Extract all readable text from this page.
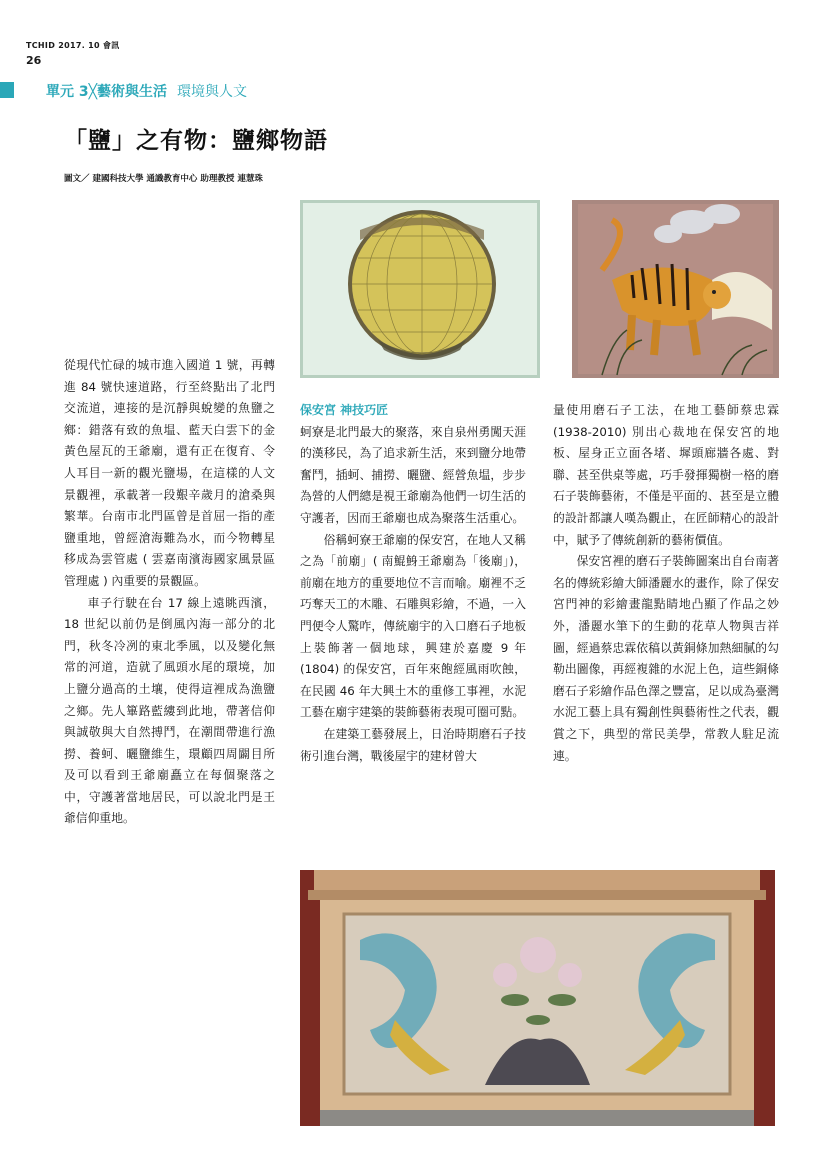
TCHID 2017. 10 會訊
26
單元 3╳藝術與生活 環境與人文
「鹽」之有物：鹽鄉物語
圖文／ 建國科技大學 通識教育中心 助理教授 連慧珠

從現代忙碌的城市進入國道 1 號，再轉進 84 號快速道路，行至終點出了北門交流道，連接的是沉靜與蛻變的魚鹽之鄉：錯落有致的魚塭、藍天白雲下的金黃色屋瓦的王爺廟，還有正在復育、令人耳目一新的觀光鹽場，在這樣的人文景觀裡，承載著一段艱辛歲月的滄桑與繁華。台南市北門區曾是首屈一指的產鹽重地，曾經滄海難為水，而今物轉星移成為雲管處 ( 雲嘉南濱海國家風景區管理處 ) 內重要的景觀區。

車子行駛在台 17 線上遠眺西濱，18 世紀以前仍是倒風內海一部分的北門，秋冬冷冽的東北季風，以及變化無常的河道，造就了風頭水尾的環境，加上鹽分過高的土壤，使得這裡成為漁鹽之鄉。先人篳路藍縷到此地，帶著信仰與誠敬與大自然搏鬥，在潮間帶進行漁撈、養蚵、曬鹽維生，環顧四周闢目所及可以看到王爺廟矗立在每個聚落之中，守護著當地居民，可以說北門是王爺信仰重地。

保安宮 神技巧匠

蚵寮是北門最大的聚落，來自泉州勇闖天涯的漢移民，為了追求新生活，來到鹽分地帶奮鬥，插蚵、捕撈、曬鹽、經營魚塭，步步為營的人們總是視王爺廟為他們一切生活的守護者，因而王爺廟也成為聚落生活重心。

俗稱蚵寮王爺廟的保安宮，在地人又稱之為「前廟」( 南鯤鯓王爺廟為「後廟」)，前廟在地方的重要地位不言而喻。廟裡不乏巧奪天工的木雕、石雕與彩繪，不過，一入門便令人驚咋，傳統廟宇的入口磨石子地板上裝飾著一個地球，興建於嘉慶 9 年 (1804) 的保安宮，百年來飽經風雨吹蝕，在民國 46 年大興土木的重修工事裡，水泥工藝在廟宇建築的裝飾藝術表現可圈可點。

在建築工藝發展上，日治時期磨石子技術引進台灣，戰後屋宇的建材曾大

量使用磨石子工法，在地工藝師蔡忠霖 (1938-2010) 別出心裁地在保安宮的地板、屋身正立面各堵、墀頭廊牆各處、對聯、甚至供桌等處，巧手發揮獨樹一格的磨石子裝飾藝術，不僅是平面的、甚至是立體的設計都讓人嘆為觀止，在匠師精心的設計中，賦予了傳統創新的藝術價值。

保安宮裡的磨石子裝飾圖案出自台南著名的傳統彩繪大師潘麗水的畫作，除了保安宮門神的彩繪畫龍點睛地凸顯了作品之妙外，潘麗水筆下的生動的花草人物與吉祥圖，經過蔡忠霖依稿以黃銅條加熱細膩的勾勒出圖像，再經複雜的水泥上色，這些銅條磨石子彩繪作品色澤之豐富，足以成為臺灣水泥工藝上具有獨創性與藝術性之代表，觀賞之下，典型的常民美學，常教人駐足流連。
